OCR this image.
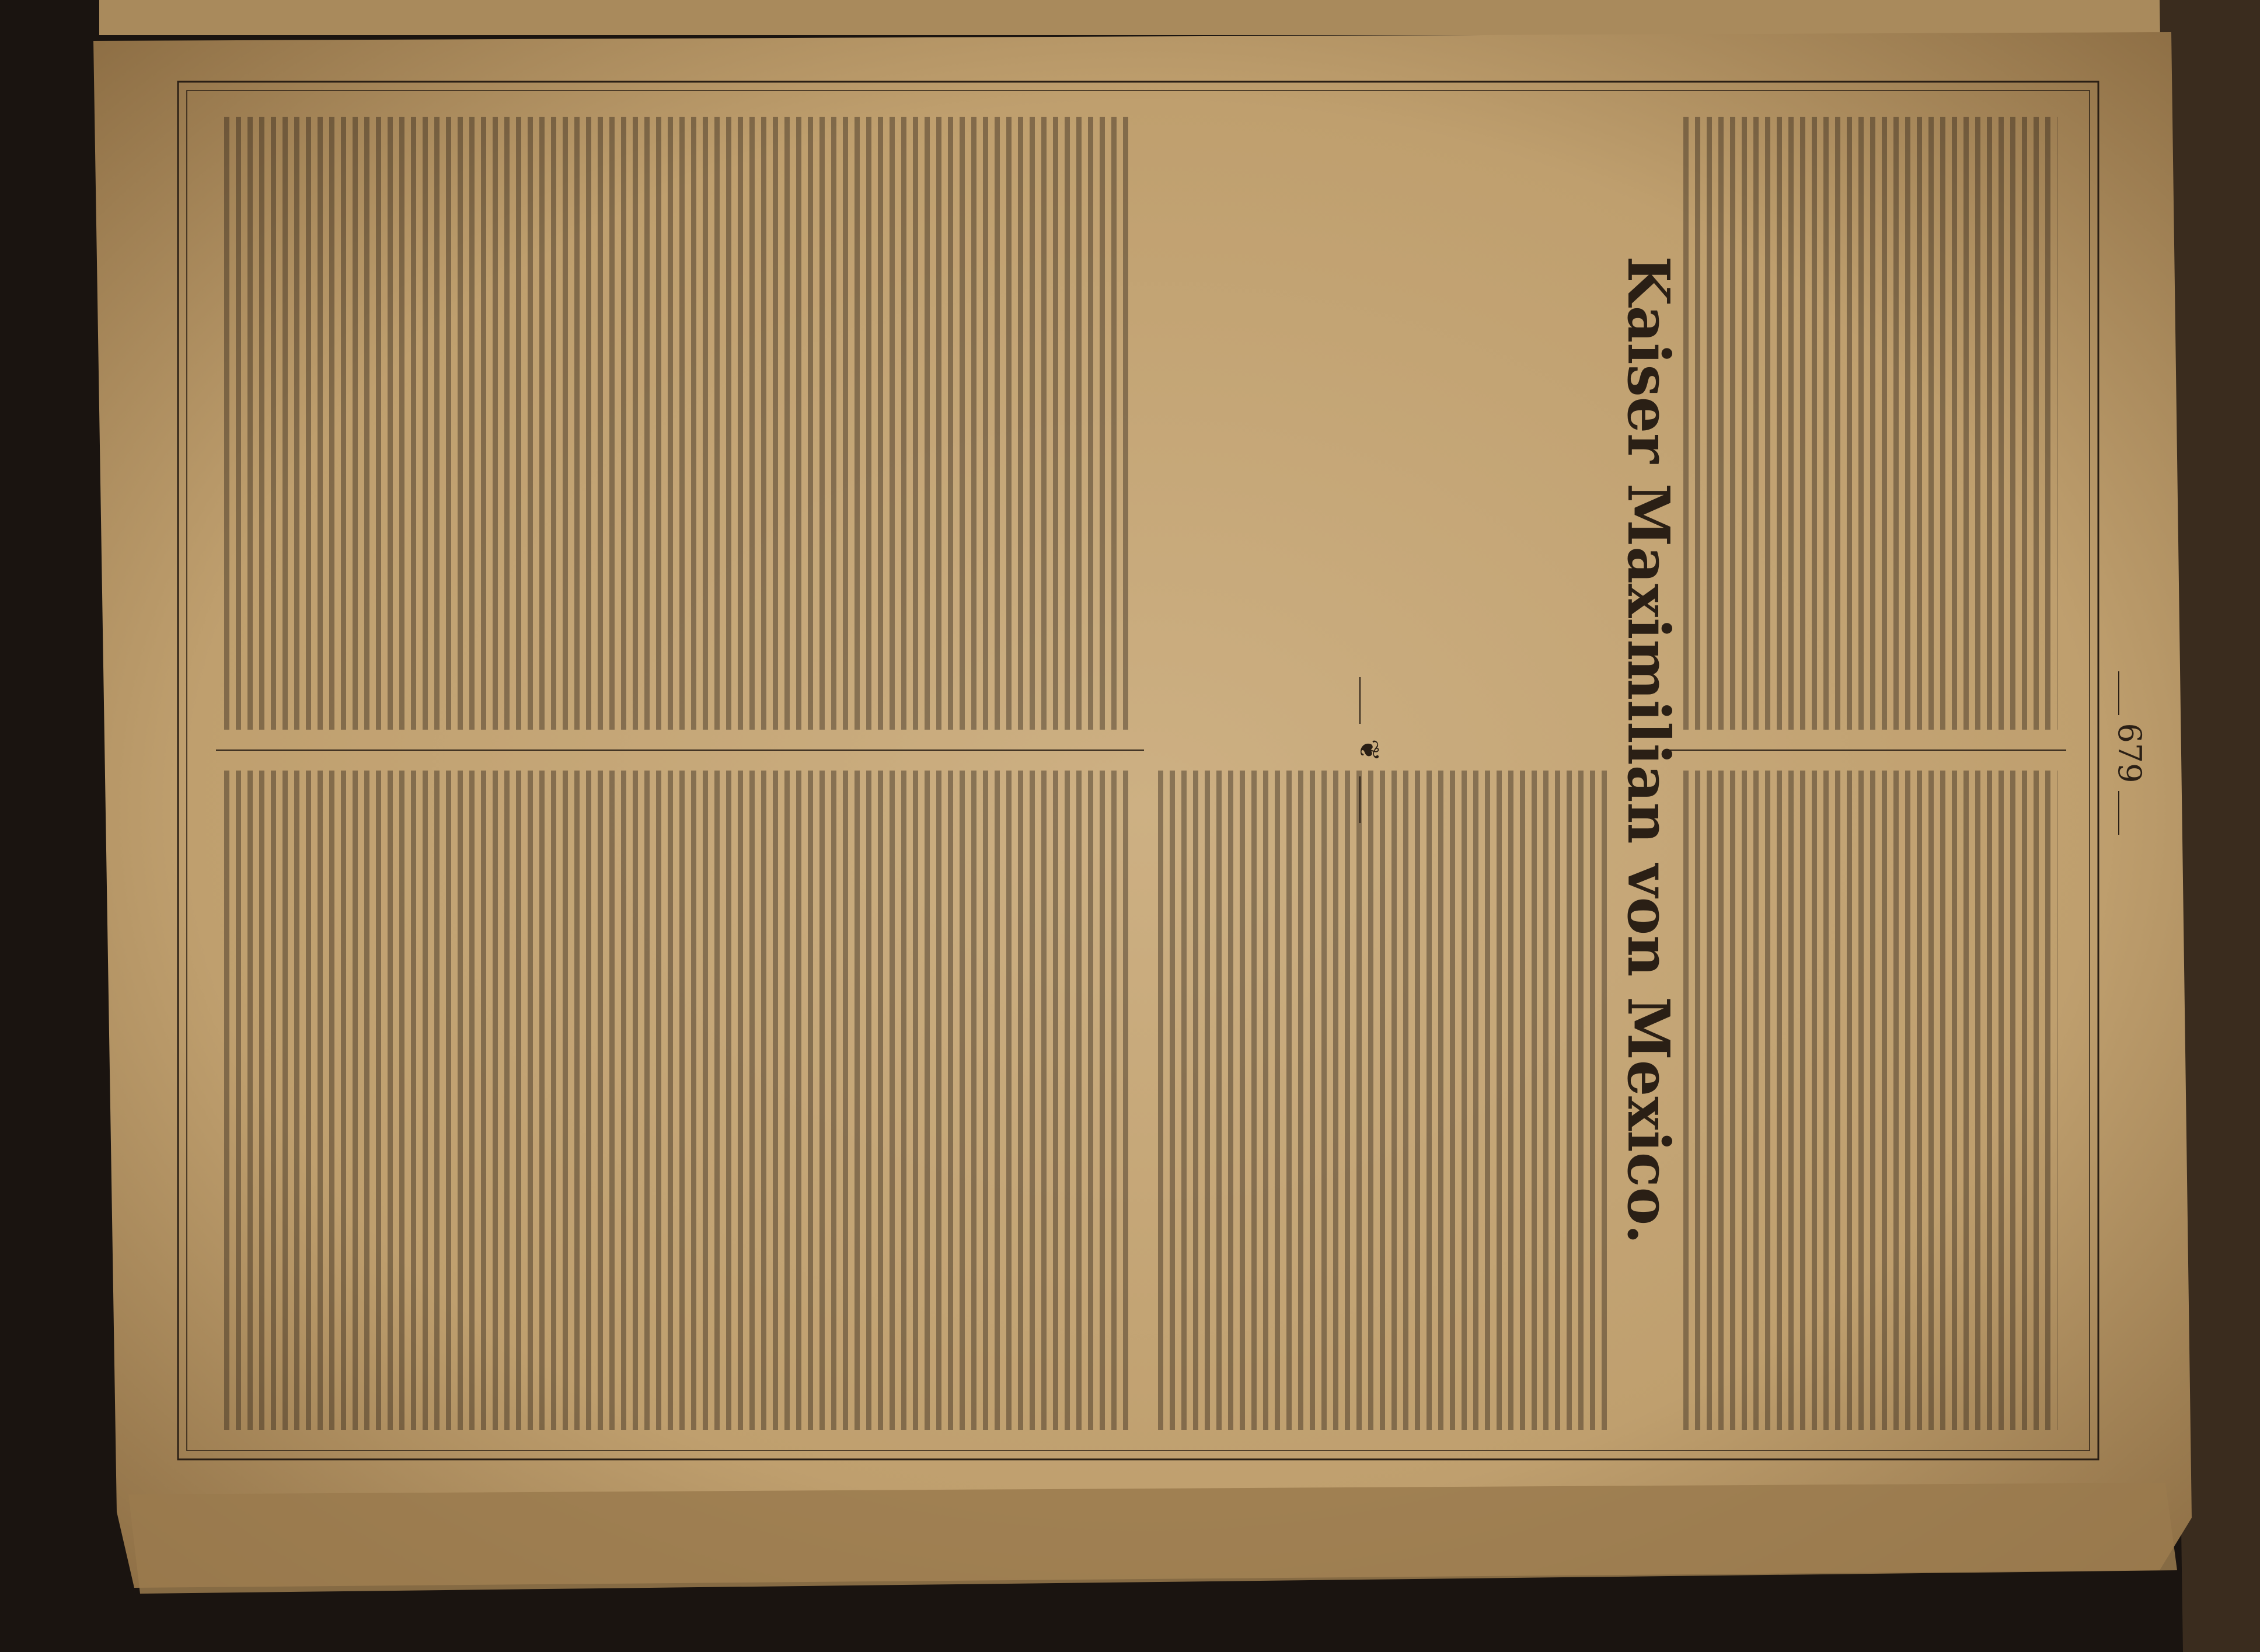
❦	Kaiser Maximilian von Mexico.	679
